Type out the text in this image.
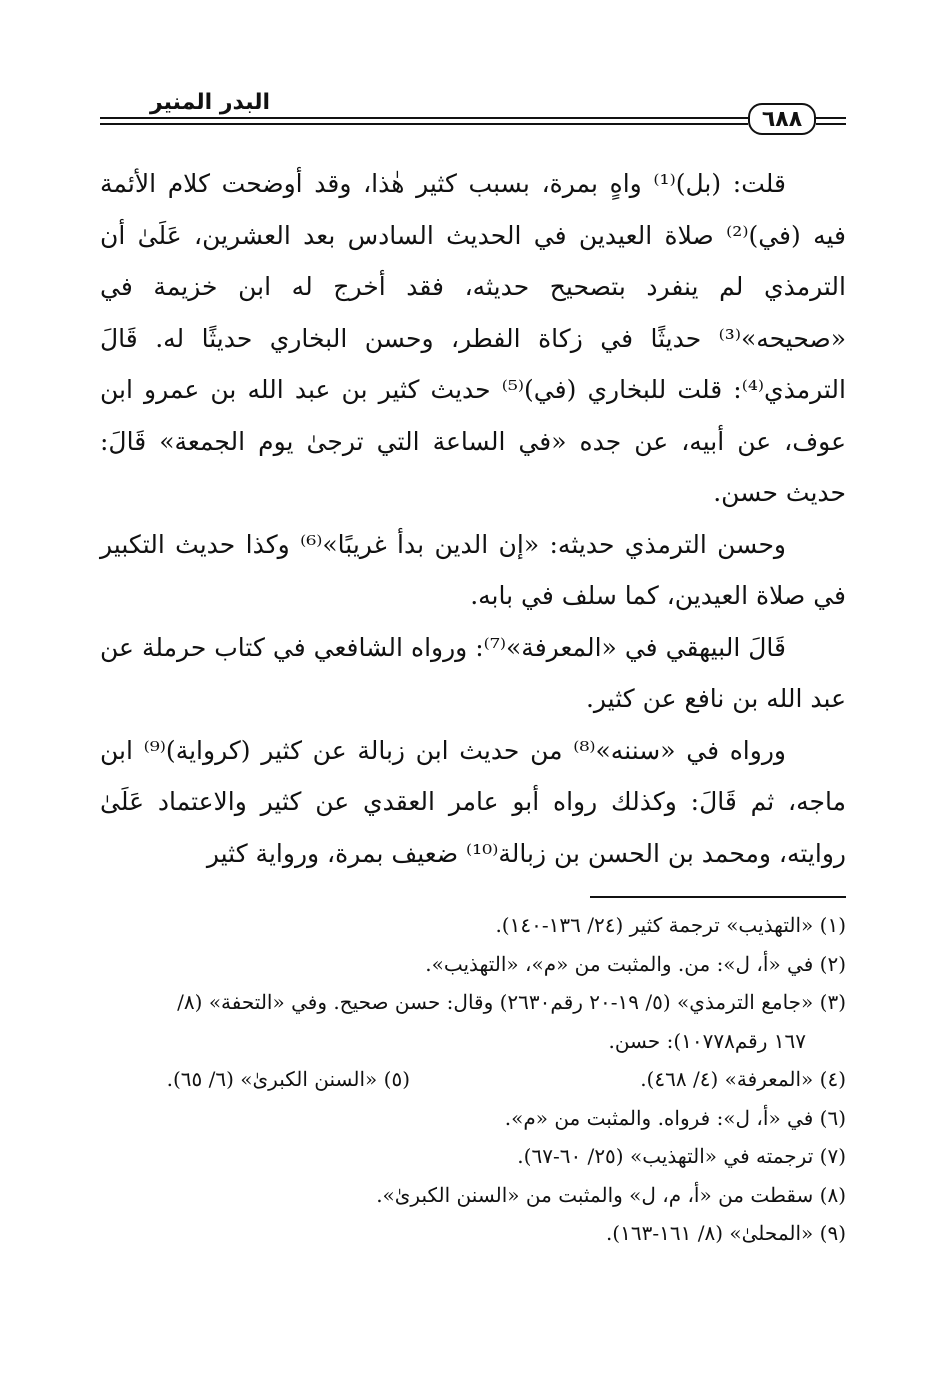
البدر المنير
٦٨٨

قلت: (بل)⁽¹⁾ واهٍ بمرة، بسبب كثير هٰذا، وقد أوضحت كلام الأئمة فيه (في)⁽²⁾ صلاة العيدين في الحديث السادس بعد العشرين، عَلَىٰ أن الترمذي لم ينفرد بتصحيح حديثه، فقد أخرج له ابن خزيمة في «صحيحه»⁽³⁾ حديثًا في زكاة الفطر، وحسن البخاري حديثًا له. قَالَ الترمذي⁽⁴⁾: قلت للبخاري (في)⁽⁵⁾ حديث كثير بن عبد الله بن عمرو ابن عوف، عن أبيه، عن جده «في الساعة التي ترجىٰ يوم الجمعة» قَالَ: حديث حسن.

وحسن الترمذي حديثه: «إن الدين بدأ غريبًا»⁽⁶⁾ وكذا حديث التكبير في صلاة العيدين، كما سلف في بابه.

قَالَ البيهقي في «المعرفة»⁽⁷⁾: ورواه الشافعي في كتاب حرملة عن عبد الله بن نافع عن كثير.

ورواه في «سننه»⁽⁸⁾ من حديث ابن زبالة عن كثير (كرواية)⁽⁹⁾ ابن ماجه، ثم قَالَ: وكذلك رواه أبو عامر العقدي عن كثير والاعتماد عَلَىٰ روايته، ومحمد بن الحسن بن زبالة⁽¹⁰⁾ ضعيف بمرة، ورواية كثير

(١) «التهذيب» ترجمة كثير (٢٤/ ١٣٦-١٤٠).
(٢) في «أ، ل»: من. والمثبت من «م»، «التهذيب».
(٣) «جامع الترمذي» (٥/ ١٩-٢٠ رقم٢٦٣٠) وقال: حسن صحيح. وفي «التحفة» (٨/
١٦٧ رقم١٠٧٧٨): حسن.
(٤) «المعرفة» (٤/ ٤٦٨).
(٥) «السنن الكبرىٰ» (٦/ ٦٥).
(٦) في «أ، ل»: فرواه. والمثبت من «م».
(٧) ترجمته في «التهذيب» (٢٥/ ٦٠-٦٧).
(٨) سقطت من «أ، م، ل» والمثبت من «السنن الكبرىٰ».
(٩) «المحلىٰ» (٨/ ١٦١-١٦٣).
